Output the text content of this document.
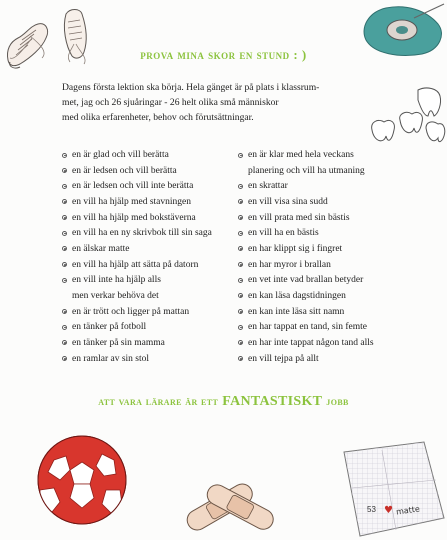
prova mina skor en stund : )
Dagens första lektion ska börja. Hela gänget är på plats i klassrum-
met, jag och 26 sjuåringar - 26 helt olika små människor
med olika erfarenheter, behov och förutsättningar.
en är glad och vill berätta
en är ledsen och vill berätta
en är ledsen och vill inte berätta
en vill ha hjälp med stavningen
en vill ha hjälp med bokstäverna
en vill ha en ny skrivbok till sin saga
en älskar matte
en vill ha hjälp att sätta på datorn
en vill inte ha hjälp alls
men verkar behöva det
en är trött och ligger på mattan
en tänker på fotboll
en tänker på sin mamma
en ramlar av sin stol
en är klar med hela veckans
planering och vill ha utmaning
en skrattar
en vill visa sina sudd
en vill prata med sin bästis
en vill ha en bästis
en har klippt sig i fingret
en har myror i brallan
en vet inte vad brallan betyder
en kan läsa dagstidningen
en kan inte läsa sitt namn
en har tappat en tand, sin femte
en har inte tappat någon tand alls
en vill tejpa på allt
att vara lärare är ett FANTASTISKT jobb
53 ♥ matte
